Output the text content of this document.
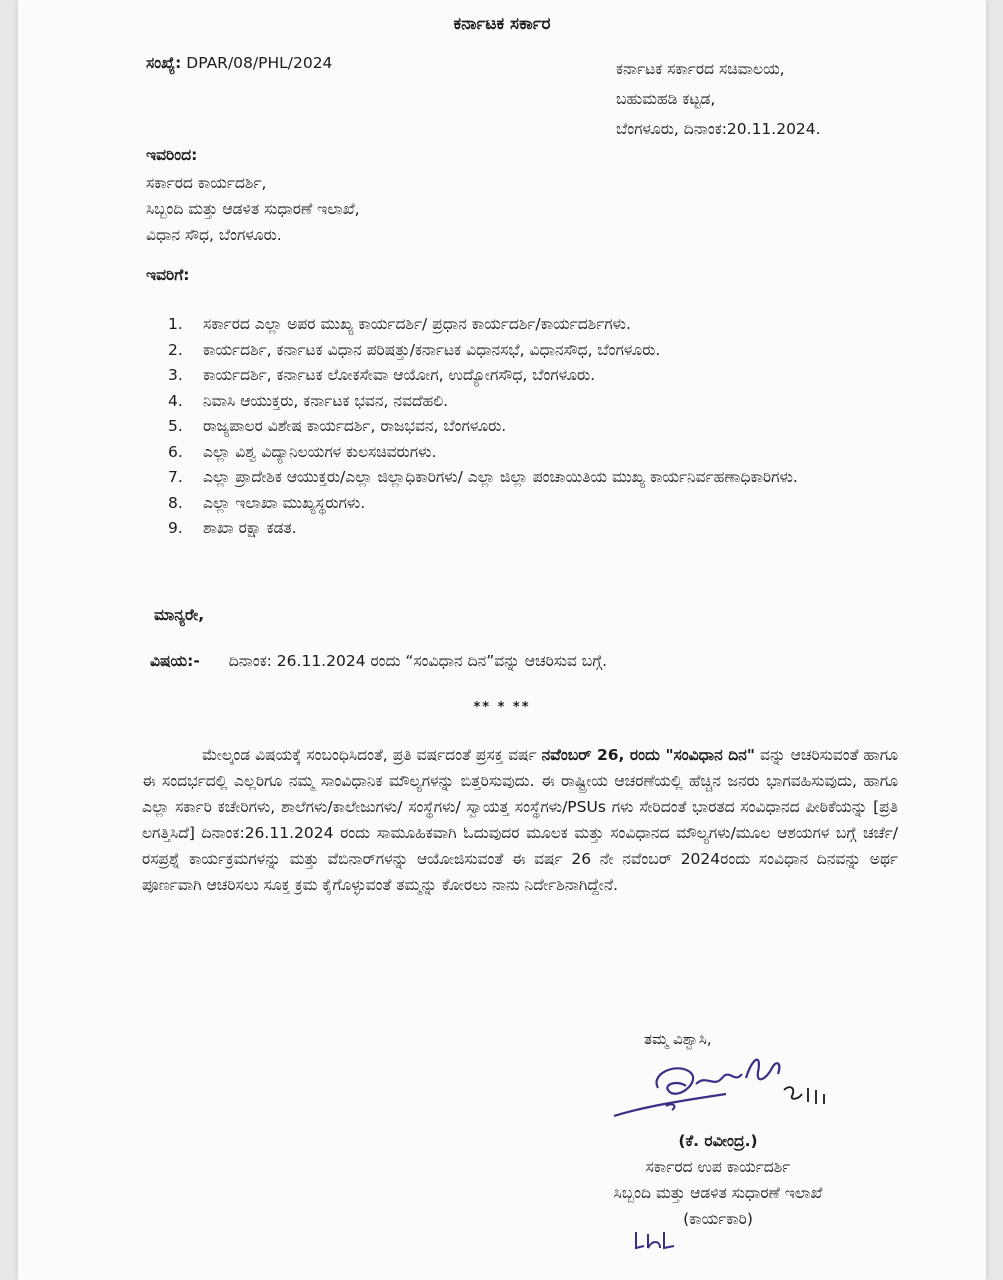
ಕರ್ನಾಟಕ ಸರ್ಕಾರ
ಸಂಖ್ಯೆ: DPAR/08/PHL/2024	ಕರ್ನಾಟಕ ಸರ್ಕಾರದ ಸಚಿವಾಲಯ,
ಬಹುಮಹಡಿ ಕಟ್ಟಡ,
ಬೆಂಗಳೂರು, ದಿನಾಂಕ:20.11.2024.
ಇವರಿಂದ:
ಸರ್ಕಾರದ ಕಾರ್ಯದರ್ಶಿ,
ಸಿಬ್ಬಂದಿ ಮತ್ತು ಆಡಳಿತ ಸುಧಾರಣೆ ಇಲಾಖೆ,
ವಿಧಾನ ಸೌಧ, ಬೆಂಗಳೂರು.
ಇವರಿಗೆ:
1.	ಸರ್ಕಾರದ ಎಲ್ಲಾ ಅಪರ ಮುಖ್ಯ ಕಾರ್ಯದರ್ಶಿ/ ಪ್ರಧಾನ ಕಾರ್ಯದರ್ಶಿ/ಕಾರ್ಯದರ್ಶಿಗಳು.
2.	ಕಾರ್ಯದರ್ಶಿ, ಕರ್ನಾಟಕ ವಿಧಾನ ಪರಿಷತ್ತು/ಕರ್ನಾಟಕ ವಿಧಾನಸಭೆ, ವಿಧಾನಸೌಧ, ಬೆಂಗಳೂರು.
3.	ಕಾರ್ಯದರ್ಶಿ, ಕರ್ನಾಟಕ ಲೋಕಸೇವಾ ಆಯೋಗ, ಉದ್ಯೋಗಸೌಧ, ಬೆಂಗಳೂರು.
4.	ನಿವಾಸಿ ಆಯುಕ್ತರು, ಕರ್ನಾಟಕ ಭವನ, ನವದೆಹಲಿ.
5.	ರಾಜ್ಯಪಾಲರ ವಿಶೇಷ ಕಾರ್ಯದರ್ಶಿ, ರಾಜಭವನ, ಬೆಂಗಳೂರು.
6.	ಎಲ್ಲಾ ವಿಶ್ವ ವಿದ್ಯಾನಿಲಯಗಳ ಕುಲಸಚಿವರುಗಳು.
7.	ಎಲ್ಲಾ ಪ್ರಾದೇಶಿಕ ಆಯುಕ್ತರು/ಎಲ್ಲಾ ಜಿಲ್ಲಾಧಿಕಾರಿಗಳು/ ಎಲ್ಲಾ ಜಿಲ್ಲಾ ಪಂಚಾಯಿತಿಯ ಮುಖ್ಯ ಕಾರ್ಯನಿರ್ವಹಣಾಧಿಕಾರಿಗಳು.
8.	ಎಲ್ಲಾ ಇಲಾಖಾ ಮುಖ್ಯಸ್ಥರುಗಳು.
9.	ಶಾಖಾ ರಕ್ಷಾ ಕಡತ.
ಮಾನ್ಯರೇ,
ವಿಷಯ:- ದಿನಾಂಕ: 26.11.2024 ರಂದು “ಸಂವಿಧಾನ ದಿನ”ವನ್ನು ಆಚರಿಸುವ ಬಗ್ಗೆ.
** * **
ಮೇಲ್ಕಂಡ ವಿಷಯಕ್ಕೆ ಸಂಬಂಧಿಸಿದಂತೆ, ಪ್ರತಿ ವರ್ಷದಂತೆ ಪ್ರಸಕ್ತ ವರ್ಷ ನವೆಂಬರ್ 26, ರಂದು "ಸಂವಿಧಾನ ದಿನ" ವನ್ನು ಆಚರಿಸುವಂತೆ ಹಾಗೂ ಈ ಸಂದರ್ಭದಲ್ಲಿ ಎಲ್ಲರಿಗೂ ನಮ್ಮ ಸಾಂವಿಧಾನಿಕ ಮೌಲ್ಯಗಳನ್ನು ಬಿತ್ತರಿಸುವುದು. ಈ ರಾಷ್ಟ್ರೀಯ ಆಚರಣೆಯಲ್ಲಿ ಹೆಚ್ಚಿನ ಜನರು ಭಾಗವಹಿಸುವುದು, ಹಾಗೂ ಎಲ್ಲಾ ಸರ್ಕಾರಿ ಕಚೇರಿಗಳು, ಶಾಲೆಗಳು/ಕಾಲೇಜುಗಳು/ ಸಂಸ್ಥೆಗಳು/ ಸ್ವಾಯತ್ತ ಸಂಸ್ಥೆಗಳು/PSUs ಗಳು ಸೇರಿದಂತೆ ಭಾರತದ ಸಂವಿಧಾನದ ಪೀಠಿಕೆಯನ್ನು [ಪ್ರತಿ ಲಗತ್ತಿಸಿದೆ] ದಿನಾಂಕ:26.11.2024 ರಂದು ಸಾಮೂಹಿಕವಾಗಿ ಓದುವುದರ ಮೂಲಕ ಮತ್ತು ಸಂವಿಧಾನದ ಮೌಲ್ಯಗಳು/ಮೂಲ ಆಶಯಗಳ ಬಗ್ಗೆ ಚರ್ಚೆ/ರಸಪ್ರಶ್ನೆ ಕಾರ್ಯಕ್ರಮಗಳನ್ನು ಮತ್ತು ವೆಬಿನಾರ್‌ಗಳನ್ನು ಆಯೋಜಿಸುವಂತೆ ಈ ವರ್ಷ 26 ನೇ ನವೆಂಬರ್ 2024ರಂದು ಸಂವಿಧಾನ ದಿನವನ್ನು ಅರ್ಥ ಪೂರ್ಣವಾಗಿ ಆಚರಿಸಲು ಸೂಕ್ತ ಕ್ರಮ ಕೈಗೊಳ್ಳುವಂತೆ ತಮ್ಮನ್ನು ಕೋರಲು ನಾನು ನಿರ್ದೇಶಿನಾಗಿದ್ದೇನೆ.
ತಮ್ಮ ವಿಶ್ವಾಸಿ,
(ಕೆ. ರವೀಂದ್ರ.)
ಸರ್ಕಾರದ ಉಪ ಕಾರ್ಯದರ್ಶಿ
ಸಿಬ್ಬಂದಿ ಮತ್ತು ಆಡಳಿತ ಸುಧಾರಣೆ ಇಲಾಖೆ
(ಕಾರ್ಯಕಾರಿ)
